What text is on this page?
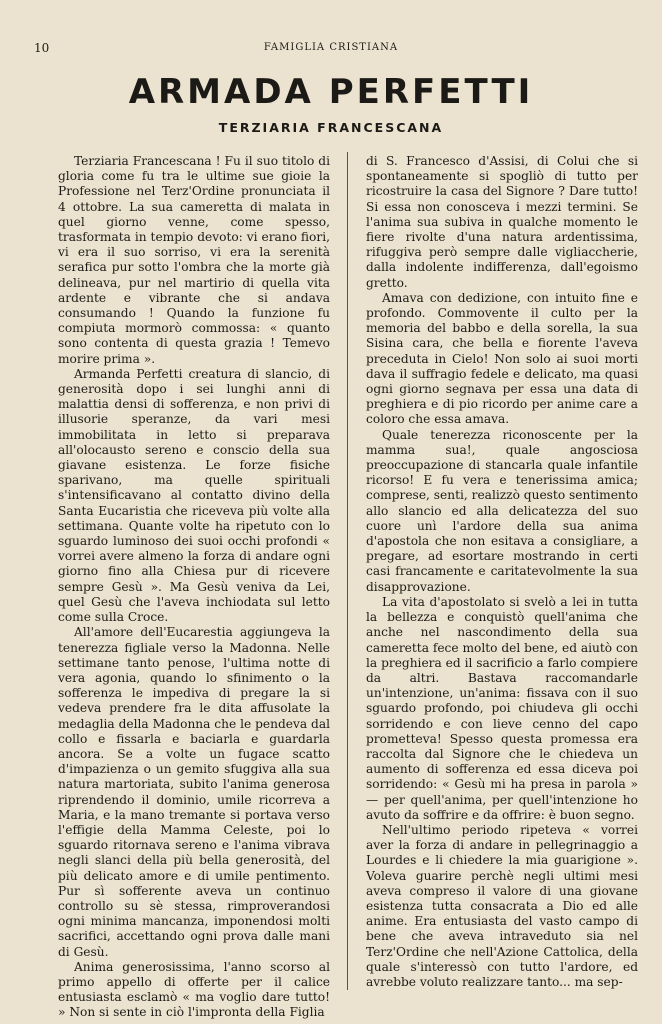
10	FAMIGLIA CRISTIANA
ARMADA PERFETTI
TERZIARIA FRANCESCANA

Terziaria Francescana ! Fu il suo titolo di gloria come fu tra le ultime sue gioie la Professione nel Terz'Ordine pronunciata il 4 ottobre. La sua cameretta di malata in quel giorno venne, come spesso, trasformata in tempio devoto: vi erano fiori, vi era il suo sorriso, vi era la serenità serafica pur sotto l'ombra che la morte già delineava, pur nel martirio di quella vita ardente e vibrante che si andava consumando ! Quando la funzione fu compiuta mormorò commossa: « quanto sono contenta di questa grazia ! Temevo morire prima ».

Armanda Perfetti creatura di slancio, di generosità dopo i sei lunghi anni di malattia densi di sofferenza, e non privi di illusorie speranze, da vari mesi immobilitata in letto si preparava all'olocausto sereno e conscio della sua giavane esistenza. Le forze fisiche sparivano, ma quelle spirituali s'intensificavano al contatto divino della Santa Eucaristia che riceveva più volte alla settimana. Quante volte ha ripetuto con lo sguardo luminoso dei suoi occhi profondi « vorrei avere almeno la forza di andare ogni giorno fino alla Chiesa pur di ricevere sempre Gesù ». Ma Gesù veniva da Lei, quel Gesù che l'aveva inchiodata sul letto come sulla Croce.

All'amore dell'Eucarestia aggiungeva la tenerezza figliale verso la Madonna. Nelle settimane tanto penose, l'ultima notte di vera agonia, quando lo sfinimento o la sofferenza le impediva di pregare la si vedeva prendere fra le dita affusolate la medaglia della Madonna che le pendeva dal collo e fissarla e baciarla e guardarla ancora. Se a volte un fugace scatto d'impazienza o un gemito sfuggiva alla sua natura martoriata, subito l'anima generosa riprendendo il dominio, umile ricorreva a Maria, e la mano tremante si portava verso l'effigie della Mamma Celeste, poi lo sguardo ritornava sereno e l'anima vibrava negli slanci della più bella generosità, del più delicato amore e di umile pentimento. Pur sì sofferente aveva un continuo controllo su sè stessa, rimproverandosi ogni minima mancanza, imponendosi molti sacrifici, accettando ogni prova dalle mani di Gesù.

Anima generosissima, l'anno scorso al primo appello di offerte per il calice entusiasta esclamò « ma voglio dare tutto! » Non si sente in ciò l'impronta della Figlia

di S. Francesco d'Assisi, di Colui che si spontaneamente si spogliò di tutto per ricostruire la casa del Signore ? Dare tutto! Si essa non conosceva i mezzi termini. Se l'anima sua subiva in qualche momento le fiere rivolte d'una natura ardentissima, rifuggiva però sempre dalle vigliaccherie, dalla indolente indifferenza, dall'egoismo gretto.

Amava con dedizione, con intuito fine e profondo. Commovente il culto per la memoria del babbo e della sorella, la sua Sisina cara, che bella e fiorente l'aveva preceduta in Cielo! Non solo ai suoi morti dava il suffragio fedele e delicato, ma quasi ogni giorno segnava per essa una data di preghiera e di pio ricordo per anime care a coloro che essa amava.

Quale tenerezza riconoscente per la mamma sua!, quale angosciosa preoccupazione di stancarla quale infantile ricorso! E fu vera e tenerissima amica; comprese, senti, realizzò questo sentimento allo slancio ed alla delicatezza del suo cuore unì l'ardore della sua anima d'apostola che non esitava a consigliare, a pregare, ad esortare mostrando in certi casi francamente e caritatevolmente la sua disapprovazione.

La vita d'apostolato si svelò a lei in tutta la bellezza e conquistò quell'anima che anche nel nascondimento della sua cameretta fece molto del bene, ed aiutò con la preghiera ed il sacrificio a farlo compiere da altri. Bastava raccomandarle un'intenzione, un'anima: fissava con il suo sguardo profondo, poi chiudeva gli occhi sorridendo e con lieve cenno del capo prometteva! Spesso questa promessa era raccolta dal Signore che le chiedeva un aumento di sofferenza ed essa diceva poi sorridendo: « Gesù mi ha presa in parola » — per quell'anima, per quell'intenzione ho avuto da soffrire e da offrire: è buon segno.

Nell'ultimo periodo ripeteva « vorrei aver la forza di andare in pellegrinaggio a Lourdes e li chiedere la mia guarigione ». Voleva guarire perchè negli ultimi mesi aveva compreso il valore di una giovane esistenza tutta consacrata a Dio ed alle anime. Era entusiasta del vasto campo di bene che aveva intraveduto sia nel Terz'Ordine che nell'Azione Cattolica, della quale s'interessò con tutto l'ardore, ed avrebbe voluto realizzare tanto... ma sep-
